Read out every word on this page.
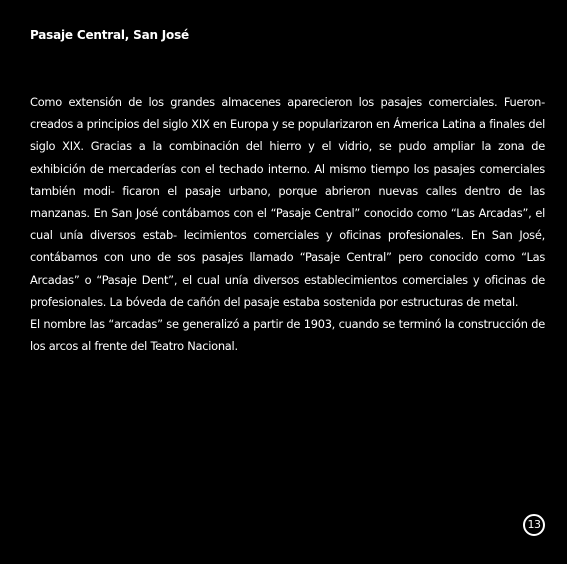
Pasaje Central, San José

Como extensión de los grandes almacenes aparecieron los pasajes comerciales. Fueron- creados a principios del siglo XIX en Europa y se popularizaron en Ámerica Latina a finales del siglo XIX. Gracias a la combinación del hierro y el vidrio, se pudo ampliar la zona de exhibición de mercaderías con el techado interno. Al mismo tiempo los pasajes comerciales también modi- ficaron el pasaje urbano, porque abrieron nuevas calles dentro de las manzanas. En San José contábamos con el “Pasaje Central” conocido como “Las Arcadas”, el cual unía diversos estab- lecimientos comerciales y oficinas profesionales. En San José, contábamos con uno de sos pasajes llamado “Pasaje Central” pero conocido como “Las Arcadas” o “Pasaje Dent”, el cual unía diversos establecimientos comerciales y oficinas de profesionales. La bóveda de cañón del pasaje estaba sostenida por estructuras de metal.

El nombre las “arcadas” se generalizó a partir de 1903, cuando se terminó la construcción de los arcos al frente del Teatro Nacional.

13
